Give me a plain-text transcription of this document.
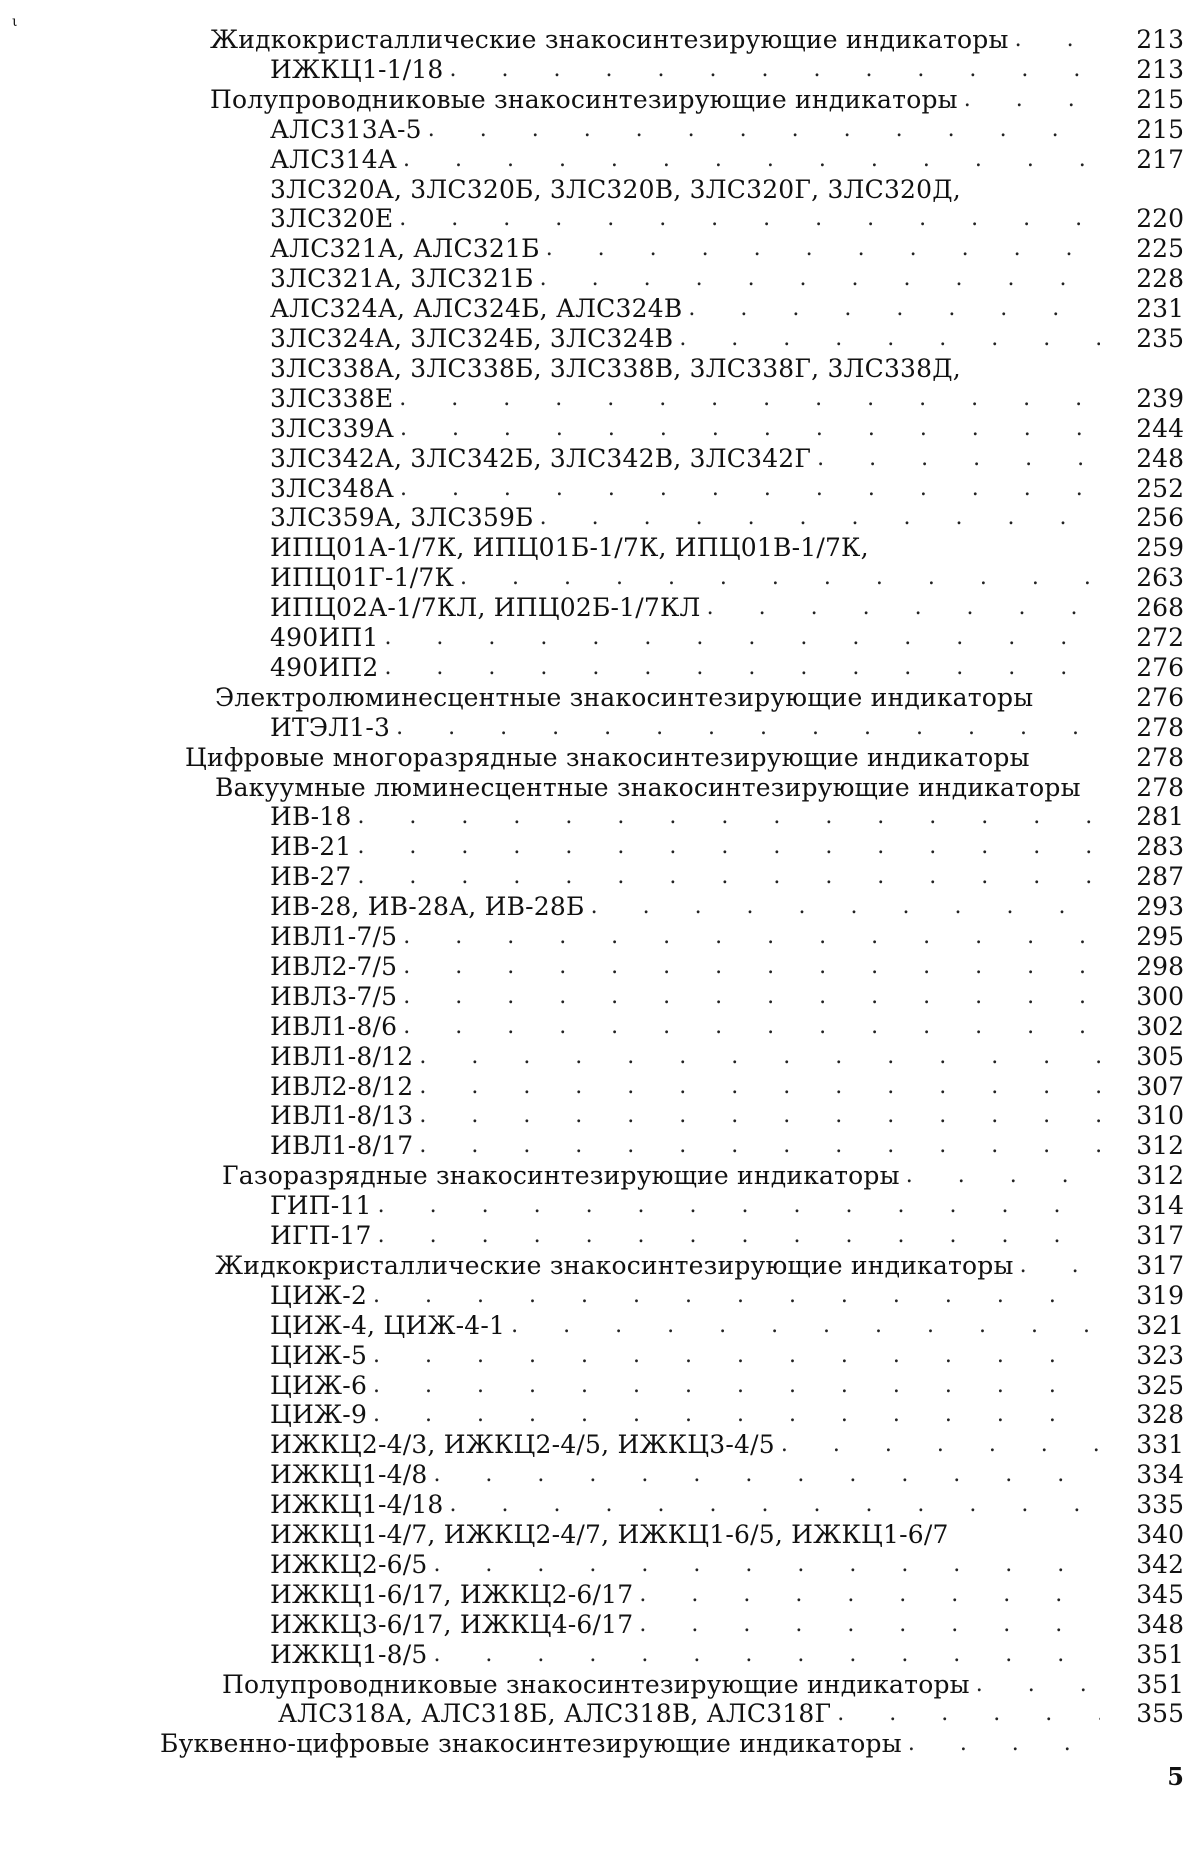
ι
Жидкокристаллические знакосинтезирующие индикаторы . . .	213
ИЖКЦ1-1/18 . . .	213
Полупроводниковые знакосинтезирующие индикаторы . . .	215
АЛС313А-5 . . .	215
АЛС314А . . .	217
3ЛС320А, 3ЛС320Б, 3ЛС320В, 3ЛС320Г, 3ЛС320Д,
3ЛС320Е . . .	220
АЛС321А, АЛС321Б . . .	225
3ЛС321А, 3ЛС321Б . . .	228
АЛС324А, АЛС324Б, АЛС324В . . .	231
3ЛС324А, 3ЛС324Б, 3ЛС324В . . .	235
3ЛС338А, 3ЛС338Б, 3ЛС338В, 3ЛС338Г, 3ЛС338Д,
3ЛС338Е . . .	239
3ЛС339А . . .	244
3ЛС342А, 3ЛС342Б, 3ЛС342В, 3ЛС342Г . . .	248
3ЛС348А . . .	252
3ЛС359А, 3ЛС359Б . . .	256
ИПЦ01А-1/7К, ИПЦ01Б-1/7К, ИПЦ01В-1/7К,	259
ИПЦ01Г-1/7К . . .	263
ИПЦ02А-1/7КЛ, ИПЦ02Б-1/7КЛ . . .	268
490ИП1 . . .	272
490ИП2 . . .	276
Электролюминесцентные знакосинтезирующие индикаторы	276
ИТЭЛ1-3 . . .	278
Цифровые многоразрядные знакосинтезирующие индикаторы	278
Вакуумные люминесцентные знакосинтезирующие индикаторы	278
ИВ-18 . . .	281
ИВ-21 . . .	283
ИВ-27 . . .	287
ИВ-28, ИВ-28А, ИВ-28Б . . .	293
ИВЛ1-7/5 . . .	295
ИВЛ2-7/5 . . .	298
ИВЛ3-7/5 . . .	300
ИВЛ1-8/6 . . .	302
ИВЛ1-8/12 . . .	305
ИВЛ2-8/12 . . .	307
ИВЛ1-8/13 . . .	310
ИВЛ1-8/17 . . .	312
Газоразрядные знакосинтезирующие индикаторы . . .	312
ГИП-11 . . .	314
ИГП-17 . . .	317
Жидкокристаллические знакосинтезирующие индикаторы . . .	317
ЦИЖ-2 . . .	319
ЦИЖ-4, ЦИЖ-4-1 . . .	321
ЦИЖ-5 . . .	323
ЦИЖ-6 . . .	325
ЦИЖ-9 . . .	328
ИЖКЦ2-4/3, ИЖКЦ2-4/5, ИЖКЦ3-4/5 . . .	331
ИЖКЦ1-4/8 . . .	334
ИЖКЦ1-4/18 . . .	335
ИЖКЦ1-4/7, ИЖКЦ2-4/7, ИЖКЦ1-6/5, ИЖКЦ1-6/7	340
ИЖКЦ2-6/5 . . .	342
ИЖКЦ1-6/17, ИЖКЦ2-6/17 . . .	345
ИЖКЦ3-6/17, ИЖКЦ4-6/17 . . .	348
ИЖКЦ1-8/5 . . .	351
Полупроводниковые знакосинтезирующие индикаторы . . .	351
АЛС318А, АЛС318Б, АЛС318В, АЛС318Г . . .	355
Буквенно-цифровые знакосинтезирующие индикаторы
. . .
5
